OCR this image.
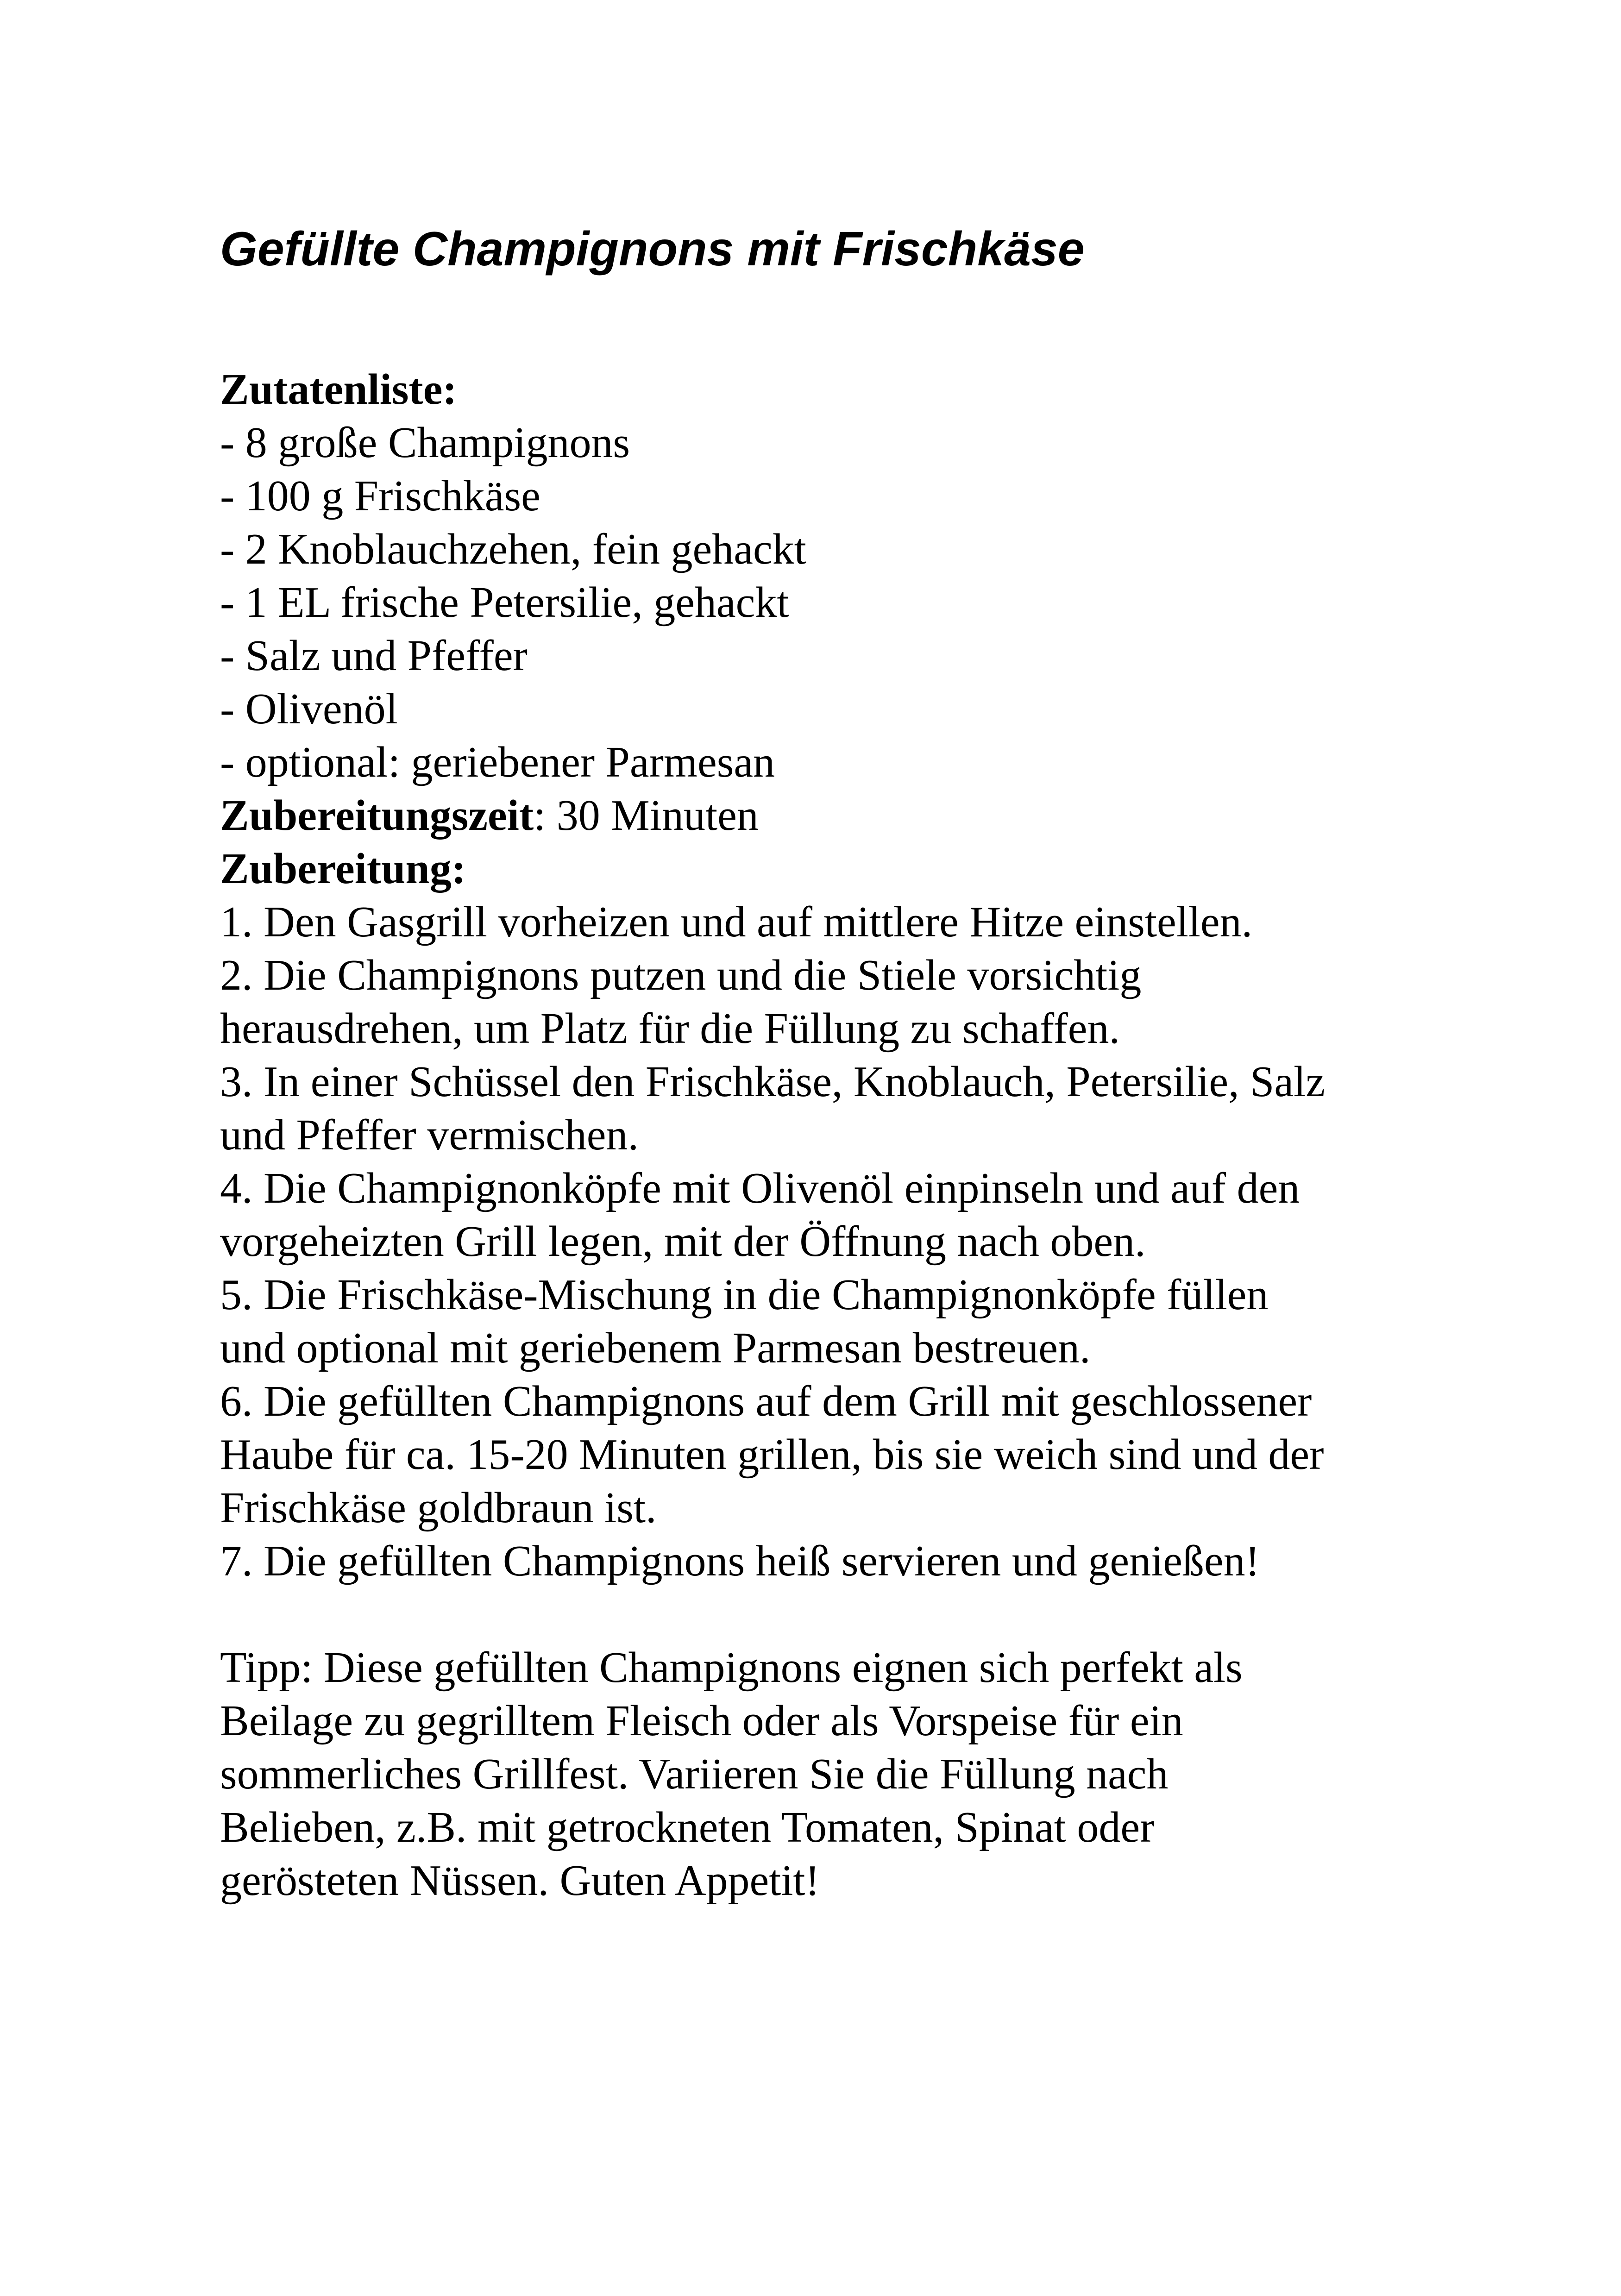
Gefüllte Champignons mit Frischkäse
Zutatenliste:
- 8 große Champignons
- 100 g Frischkäse
- 2 Knoblauchzehen, fein gehackt
- 1 EL frische Petersilie, gehackt
- Salz und Pfeffer
- Olivenöl
- optional: geriebener Parmesan
Zubereitungszeit: 30 Minuten
Zubereitung:
1. Den Gasgrill vorheizen und auf mittlere Hitze einstellen.
2. Die Champignons putzen und die Stiele vorsichtig
herausdrehen, um Platz für die Füllung zu schaffen.
3. In einer Schüssel den Frischkäse, Knoblauch, Petersilie, Salz
und Pfeffer vermischen.
4. Die Champignonköpfe mit Olivenöl einpinseln und auf den
vorgeheizten Grill legen, mit der Öffnung nach oben.
5. Die Frischkäse-Mischung in die Champignonköpfe füllen
und optional mit geriebenem Parmesan bestreuen.
6. Die gefüllten Champignons auf dem Grill mit geschlossener
Haube für ca. 15-20 Minuten grillen, bis sie weich sind und der
Frischkäse goldbraun ist.
7. Die gefüllten Champignons heiß servieren und genießen!
Tipp: Diese gefüllten Champignons eignen sich perfekt als
Beilage zu gegrilltem Fleisch oder als Vorspeise für ein
sommerliches Grillfest. Variieren Sie die Füllung nach
Belieben, z.B. mit getrockneten Tomaten, Spinat oder
gerösteten Nüssen. Guten Appetit!
